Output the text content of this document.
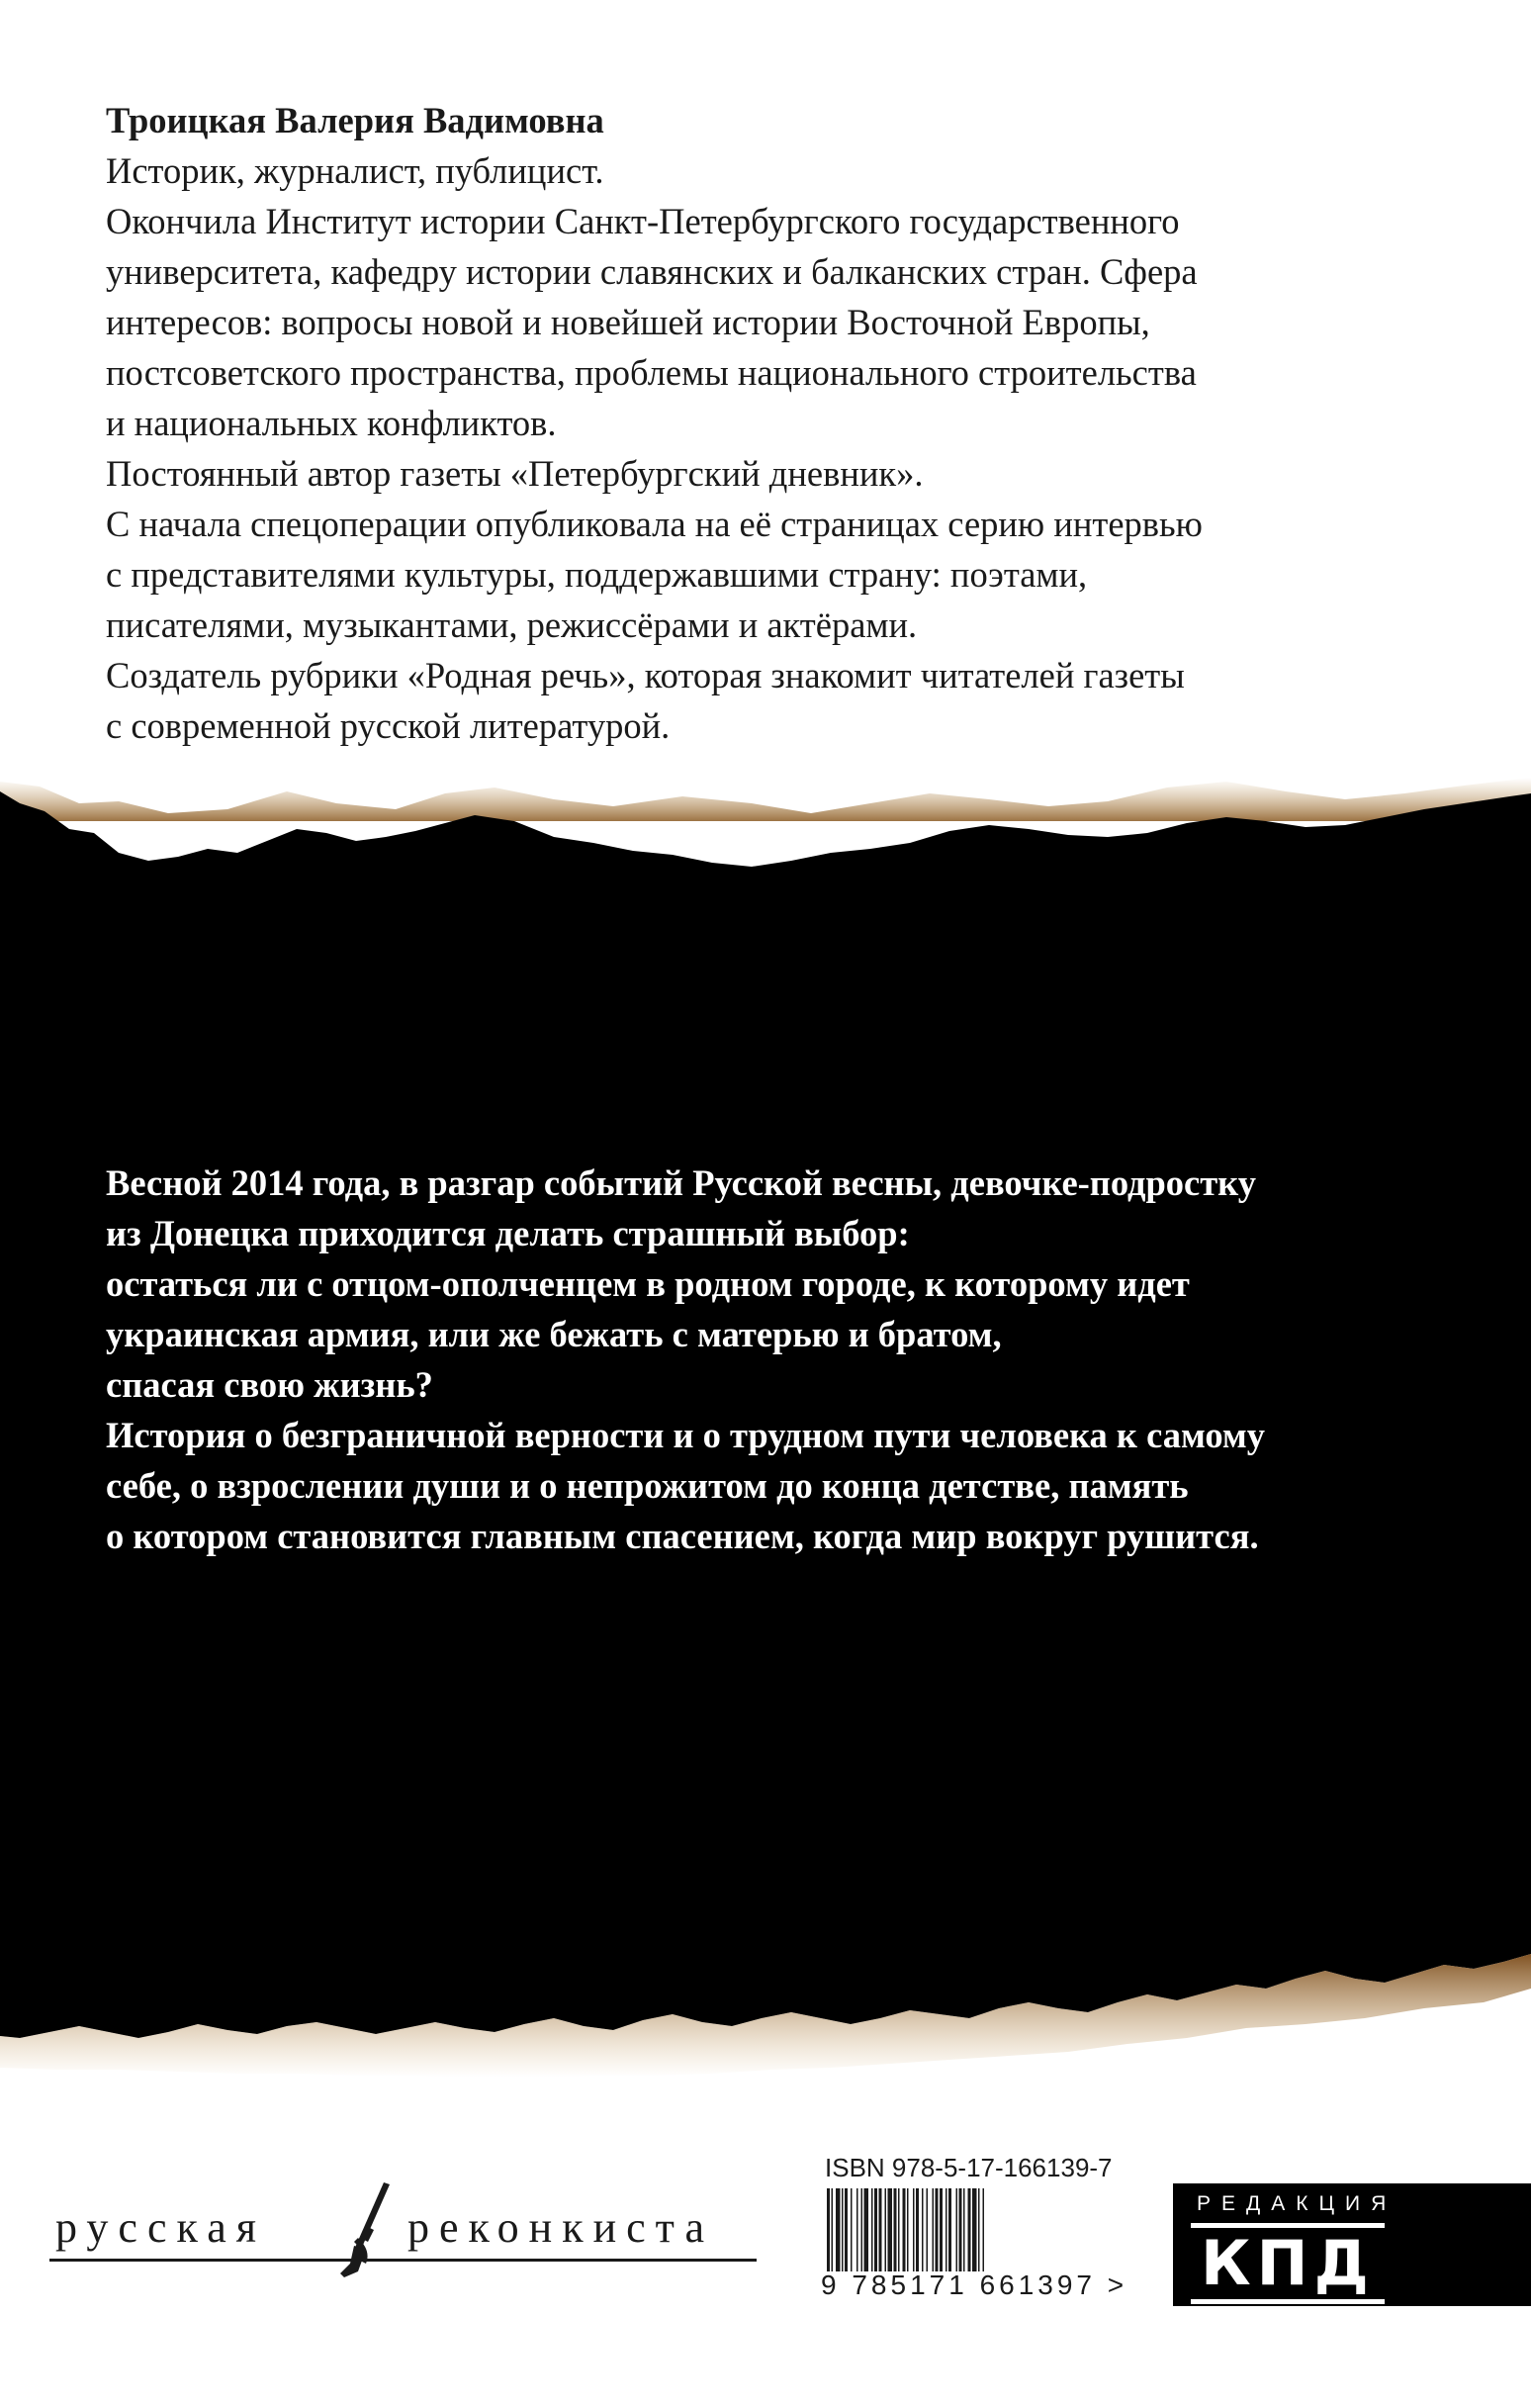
Троицкая Валерия Вадимовна

Историк, журналист, публицист.

Окончила Институт истории Санкт-Петербургского государственного

университета, кафедру истории славянских и балканских стран. Сфера

интересов: вопросы новой и новейшей истории Восточной Европы,

постсоветского пространства, проблемы национального строительства

и национальных конфликтов.

Постоянный автор газеты «Петербургский дневник».

С начала спецоперации опубликовала на её страницах серию интервью

с представителями культуры, поддержавшими страну: поэтами,

писателями, музыкантами, режиссёрами и актёрами.

Создатель рубрики «Родная речь», которая знакомит читателей газеты

с современной русской литературой.

Весной 2014 года, в разгар событий Русской весны, девочке-подростку

из Донецка приходится делать страшный выбор:

остаться ли с отцом-ополченцем в родном городе, к которому идет

украинская армия, или же бежать с матерью и братом,

спасая свою жизнь?

История о безграничной верности и о трудном пути человека к самому

себе, о взрослении души и о непрожитом до конца детстве, память

о котором становится главным спасением, когда мир вокруг рушится.

русская	реконкиста
ISBN 978-5-17-166139-7
9 785171 661397 >
РЕДАКЦИЯ
КПД
